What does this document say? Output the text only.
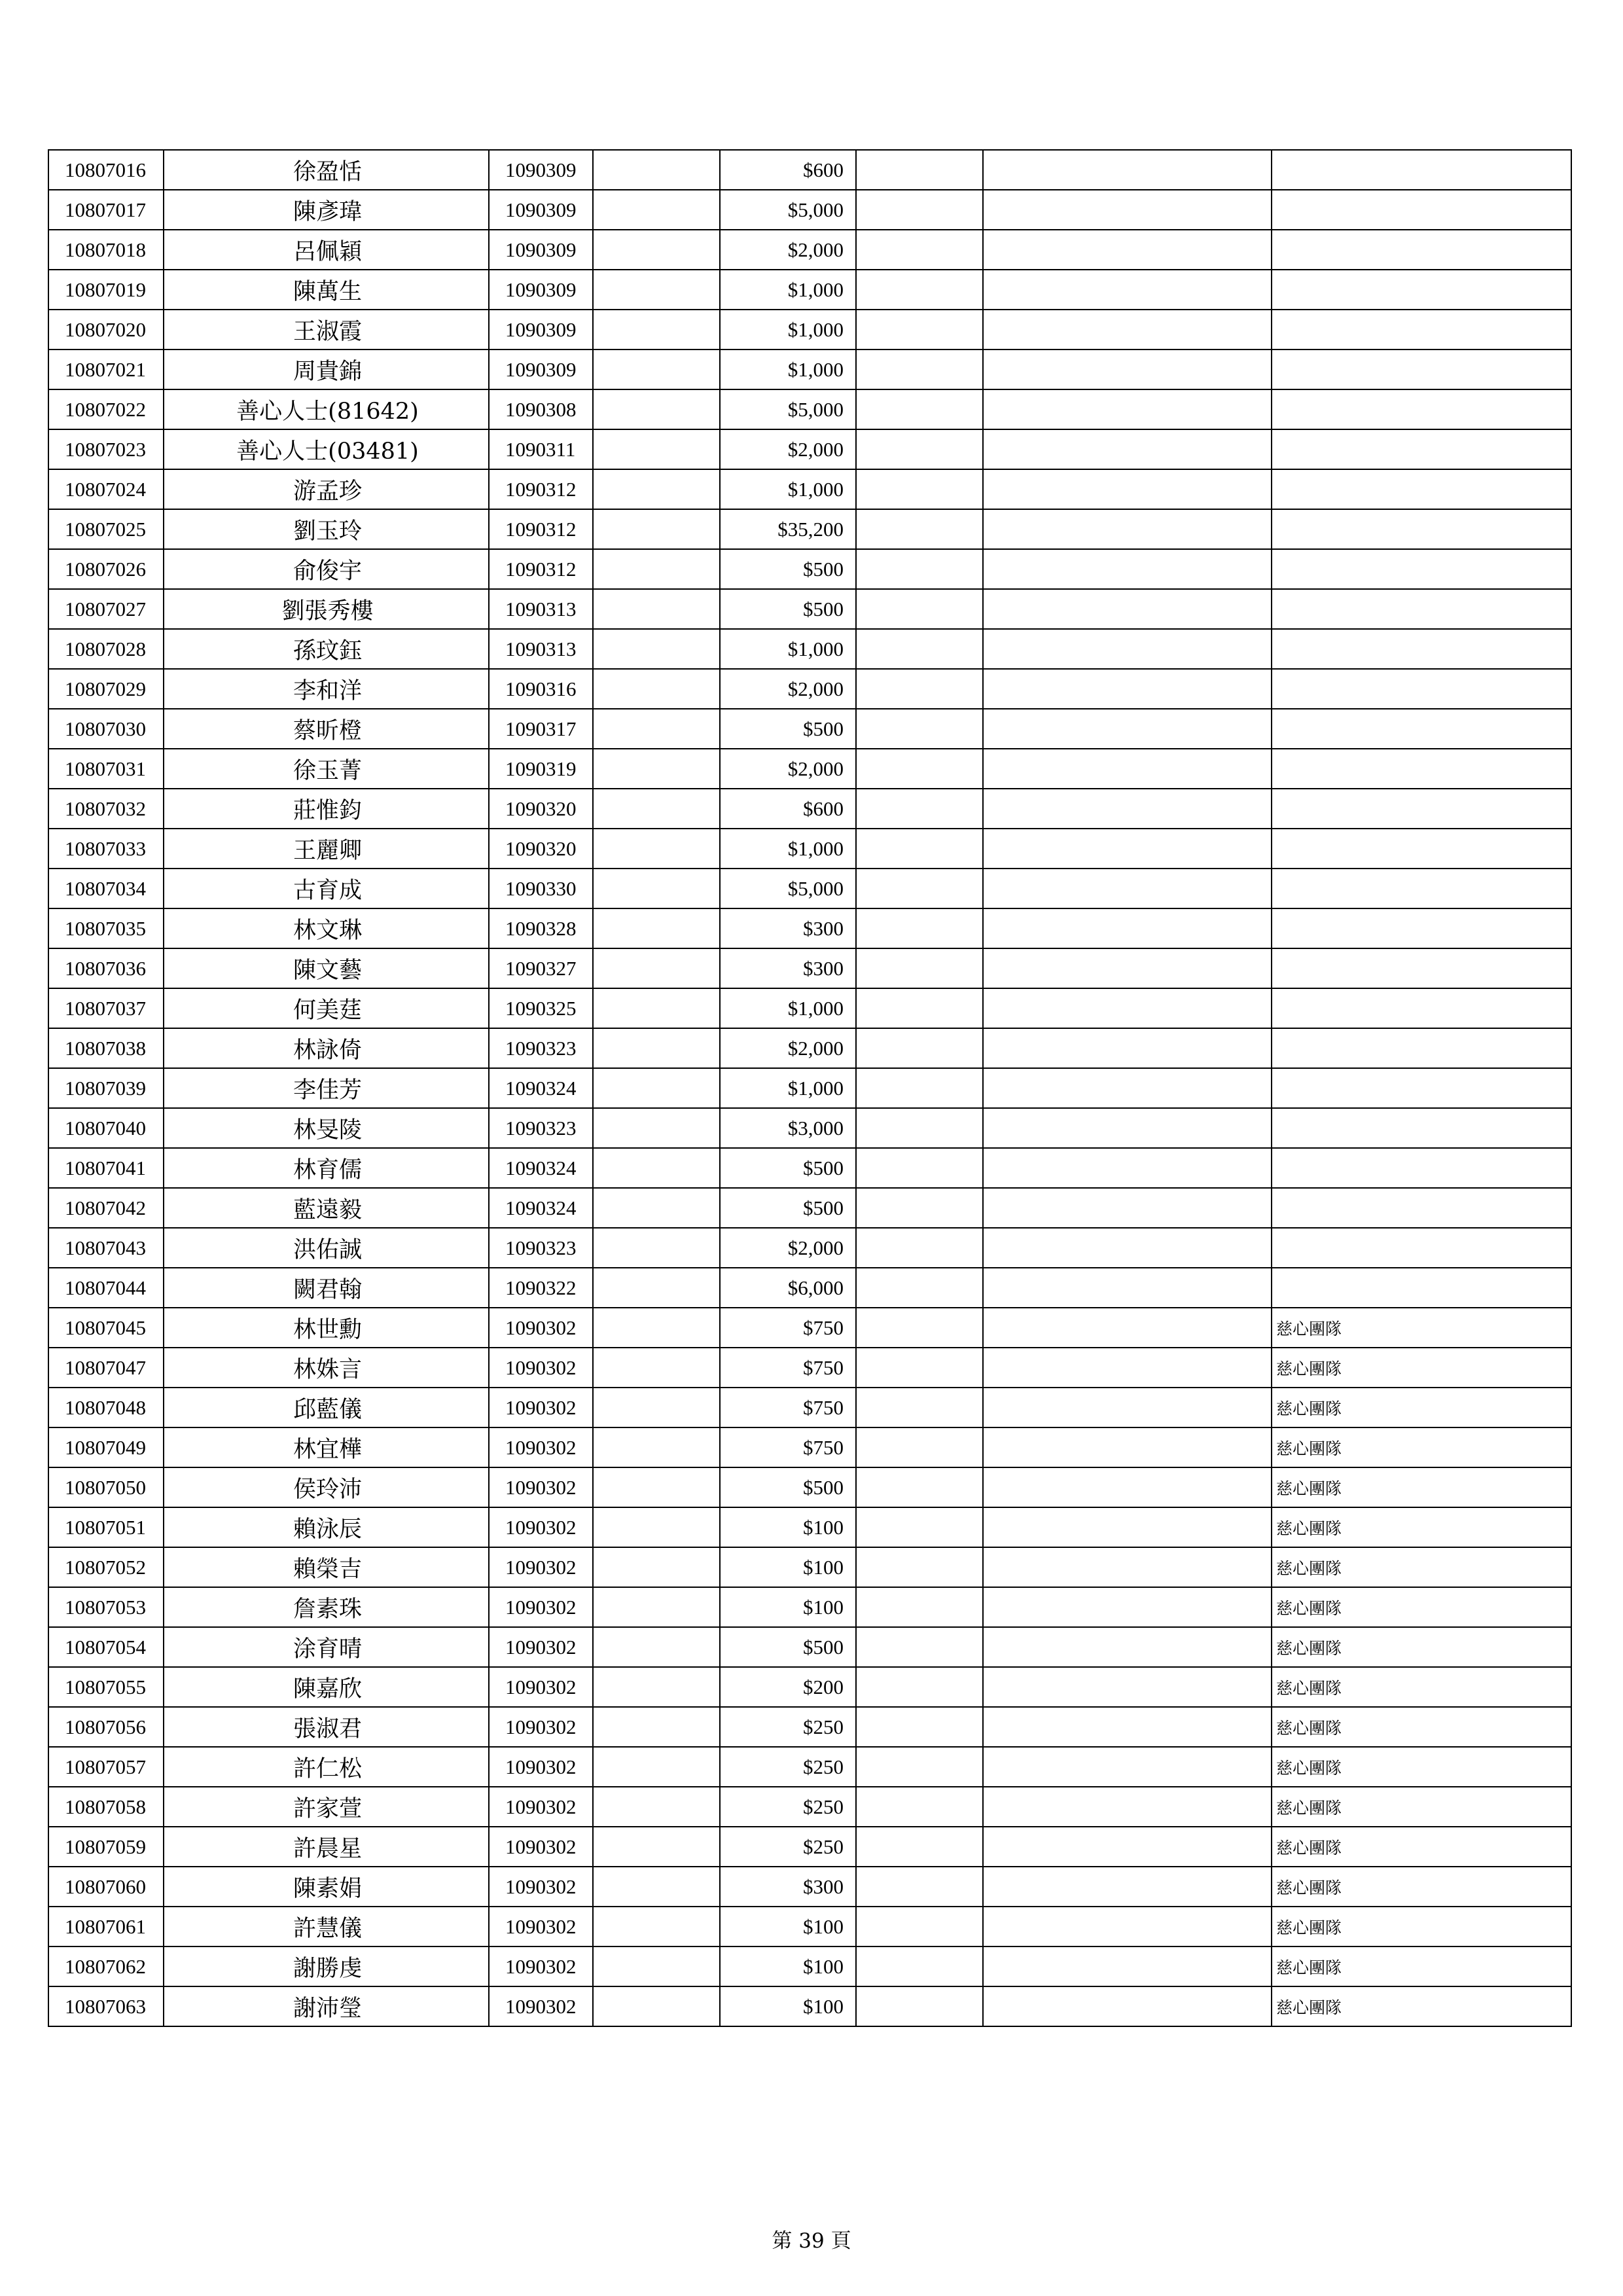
10807016	徐盈恬	1090309		$600			
10807017	陳彥瑋	1090309		$5,000			
10807018	呂佩穎	1090309		$2,000			
10807019	陳萬生	1090309		$1,000			
10807020	王淑霞	1090309		$1,000			
10807021	周貴錦	1090309		$1,000			
10807022	善心人士(81642)	1090308		$5,000			
10807023	善心人士(03481)	1090311		$2,000			
10807024	游孟珍	1090312		$1,000			
10807025	劉玉玲	1090312		$35,200			
10807026	俞俊宇	1090312		$500			
10807027	劉張秀樓	1090313		$500			
10807028	孫玟鈺	1090313		$1,000			
10807029	李和洋	1090316		$2,000			
10807030	蔡昕橙	1090317		$500			
10807031	徐玉菁	1090319		$2,000			
10807032	莊惟鈞	1090320		$600			
10807033	王麗卿	1090320		$1,000			
10807034	古育成	1090330		$5,000			
10807035	林文琳	1090328		$300			
10807036	陳文藝	1090327		$300			
10807037	何美莛	1090325		$1,000			
10807038	林詠倚	1090323		$2,000			
10807039	李佳芳	1090324		$1,000			
10807040	林旻陵	1090323		$3,000			
10807041	林育儒	1090324		$500			
10807042	藍遠毅	1090324		$500			
10807043	洪佑誠	1090323		$2,000			
10807044	闕君翰	1090322		$6,000			
10807045	林世勳	1090302		$750			慈心團隊
10807047	林姝言	1090302		$750			慈心團隊
10807048	邱藍儀	1090302		$750			慈心團隊
10807049	林宜樺	1090302		$750			慈心團隊
10807050	侯玲沛	1090302		$500			慈心團隊
10807051	賴泳辰	1090302		$100			慈心團隊
10807052	賴榮吉	1090302		$100			慈心團隊
10807053	詹素珠	1090302		$100			慈心團隊
10807054	涂育晴	1090302		$500			慈心團隊
10807055	陳嘉欣	1090302		$200			慈心團隊
10807056	張淑君	1090302		$250			慈心團隊
10807057	許仁松	1090302		$250			慈心團隊
10807058	許家萱	1090302		$250			慈心團隊
10807059	許晨星	1090302		$250			慈心團隊
10807060	陳素娟	1090302		$300			慈心團隊
10807061	許慧儀	1090302		$100			慈心團隊
10807062	謝勝虔	1090302		$100			慈心團隊
10807063	謝沛瑩	1090302		$100			慈心團隊
第 39 頁
